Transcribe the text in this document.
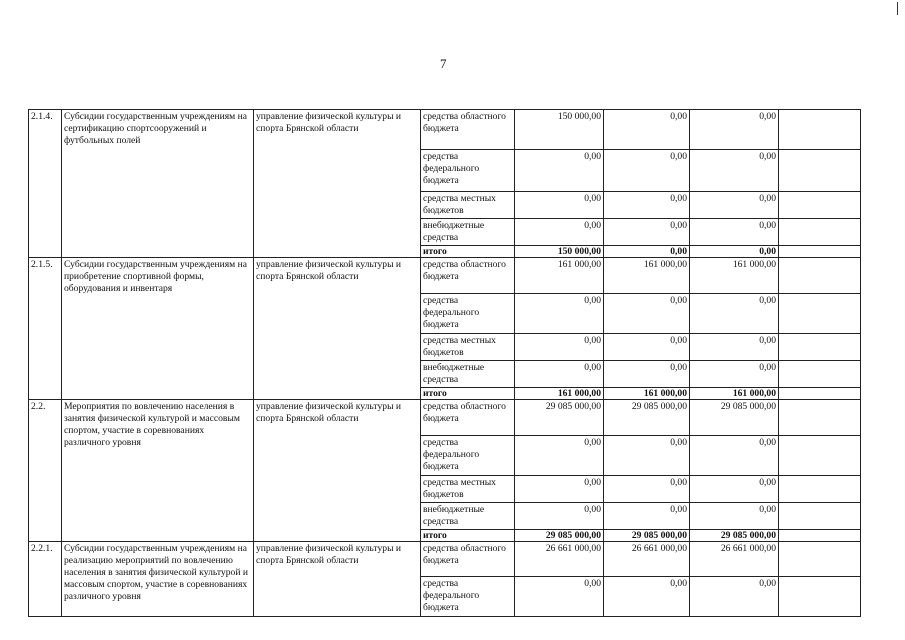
7
2.1.4.	Субсидии государственным учреждениям на сертификацию спортсооружений и футбольных полей	управление физической культуры и спорта Брянской области	средства областного бюджета	150 000,00	0,00	0,00	
			средства федерального бюджета	0,00	0,00	0,00	
			средства местных бюджетов	0,00	0,00	0,00	
			внебюджетные средства	0,00	0,00	0,00	
			итого	150 000,00	0,00	0,00	
2.1.5.	Субсидии государственным учреждениям на приобретение спортивной формы, оборудования и инвентаря	управление физической культуры и спорта Брянской области	средства областного бюджета	161 000,00	161 000,00	161 000,00	
			средства федерального бюджета	0,00	0,00	0,00	
			средства местных бюджетов	0,00	0,00	0,00	
			внебюджетные средства	0,00	0,00	0,00	
			итого	161 000,00	161 000,00	161 000,00	
2.2.	Мероприятия по вовлечению населения в занятия физической культурой и массовым спортом, участие в соревнованиях различного уровня	управление физической культуры и спорта Брянской области	средства областного бюджета	29 085 000,00	29 085 000,00	29 085 000,00	
			средства федерального бюджета	0,00	0,00	0,00	
			средства местных бюджетов	0,00	0,00	0,00	
			внебюджетные средства	0,00	0,00	0,00	
			итого	29 085 000,00	29 085 000,00	29 085 000,00	
2.2.1.	Субсидии государственным учреждениям на реализацию мероприятий по вовлечению населения в занятия физической культурой и массовым спортом, участие в соревнованиях различного уровня	управление физической культуры и спорта Брянской области	средства областного бюджета	26 661 000,00	26 661 000,00	26 661 000,00	
			средства федерального бюджета	0,00	0,00	0,00	
